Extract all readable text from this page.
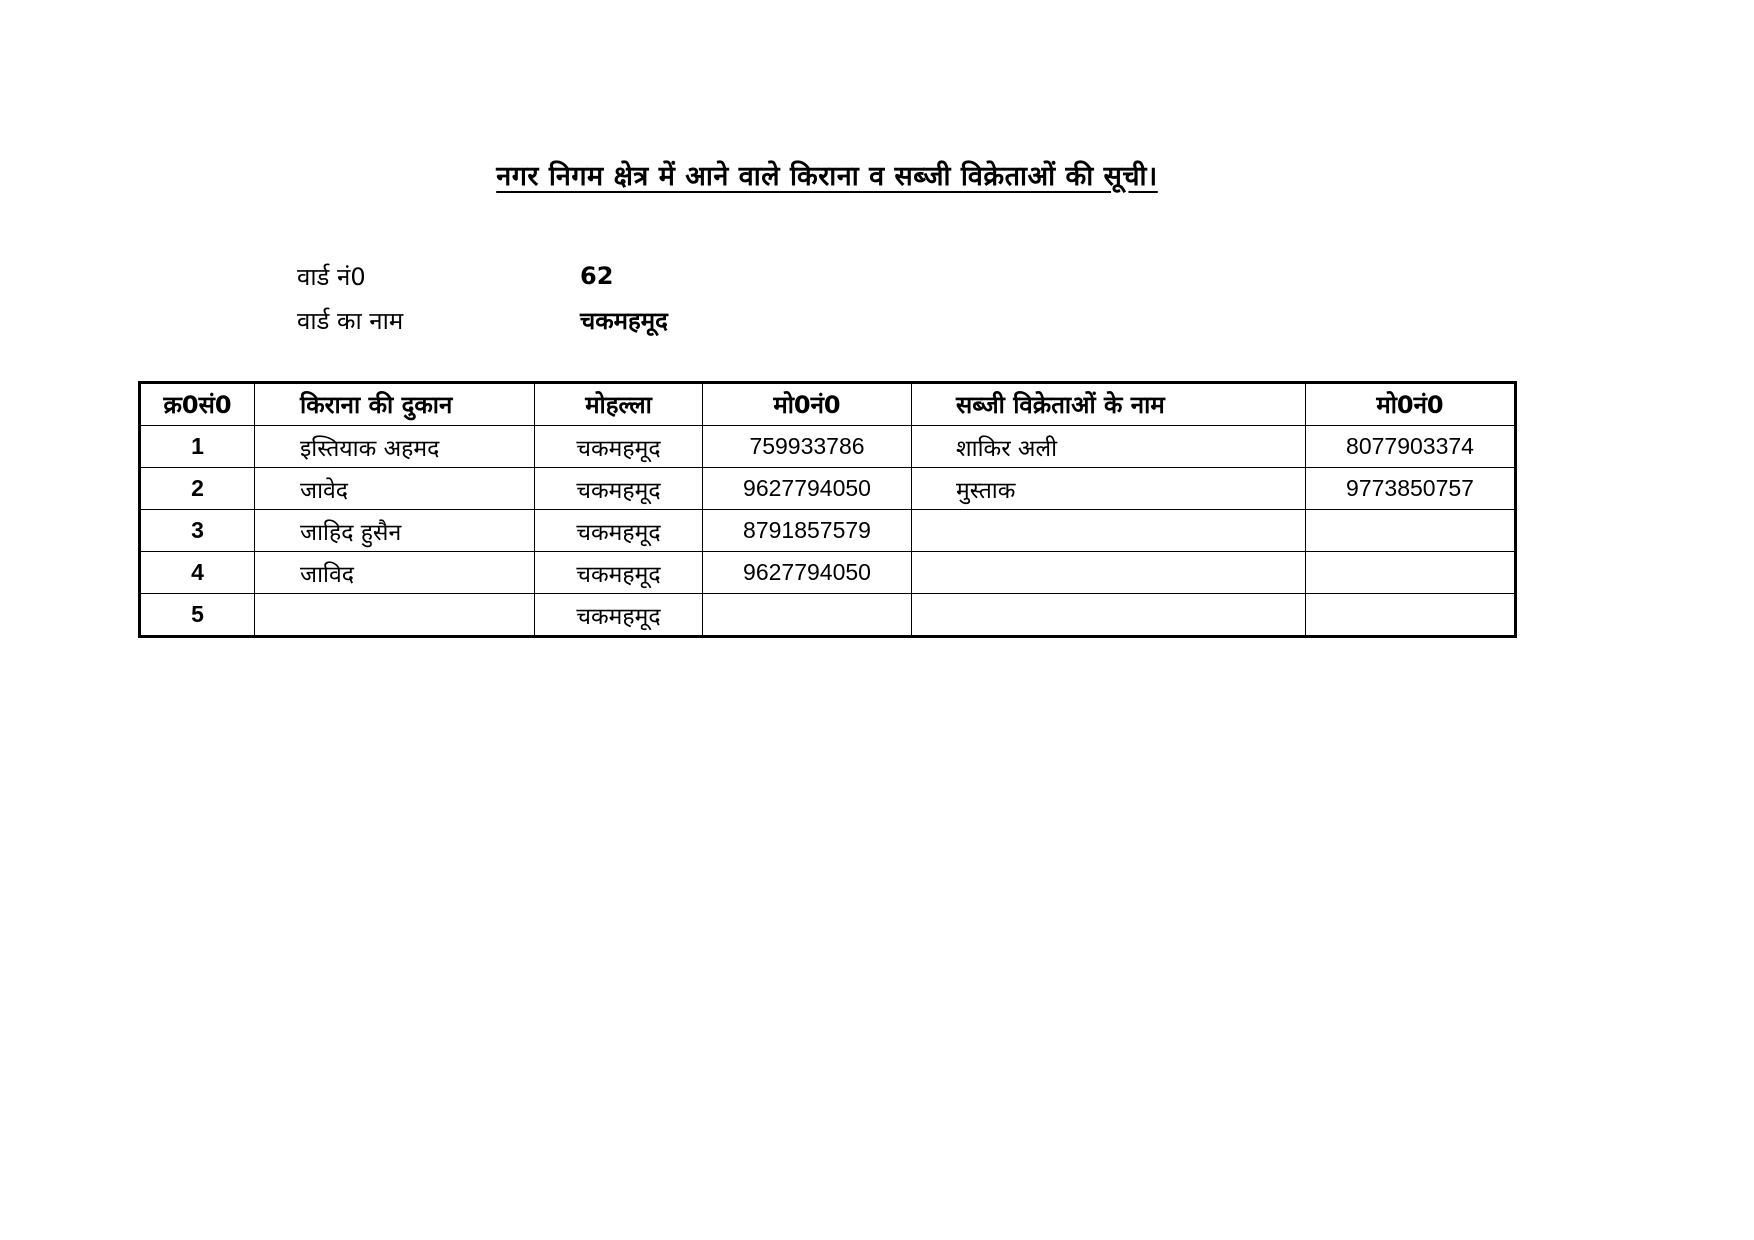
नगर निगम क्षेत्र में आने वाले किराना व सब्जी विक्रेताओं की सूची।
वार्ड नं0	62
वार्ड का नाम	चकमहमूद
क्र0सं0	किराना की दुकान	मोहल्ला	मो0नं0	सब्जी विक्रेताओं के नाम	मो0नं0
1	इस्तियाक अहमद	चकमहमूद	759933786	शाकिर अली	8077903374
2	जावेद	चकमहमूद	9627794050	मुस्ताक	9773850757
3	जाहिद हुसैन	चकमहमूद	8791857579		
4	जाविद	चकमहमूद	9627794050		
5		चकमहमूद			
